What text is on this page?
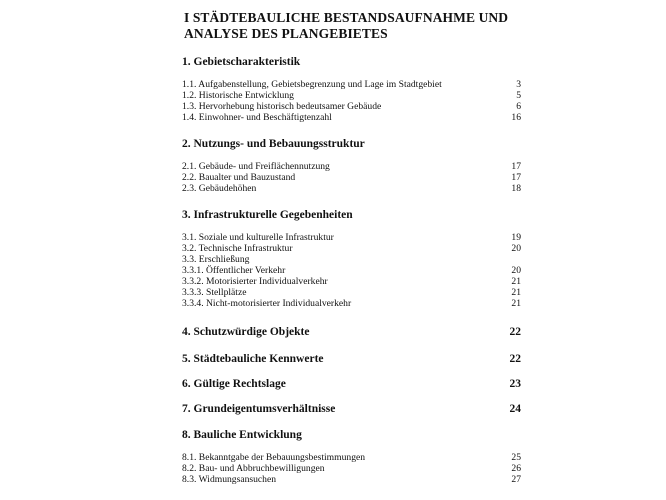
I STÄDTEBAULICHE BESTANDSAUFNAHME UND
ANALYSE DES PLANGEBIETES
1. Gebietscharakteristik
1.1. Aufgabenstellung, Gebietsbegrenzung und Lage im Stadtgebiet	3
1.2. Historische Entwicklung	5
1.3. Hervorhebung historisch bedeutsamer Gebäude	6
1.4. Einwohner- und Beschäftigtenzahl	16
2. Nutzungs- und Bebauungsstruktur
2.1. Gebäude- und Freiflächennutzung	17
2.2. Baualter und Bauzustand	17
2.3. Gebäudehöhen	18
3. Infrastrukturelle Gegebenheiten
3.1. Soziale und kulturelle Infrastruktur	19
3.2. Technische Infrastruktur	20
3.3. Erschließung
3.3.1. Öffentlicher Verkehr	20
3.3.2. Motorisierter Individualverkehr	21
3.3.3. Stellplätze	21
3.3.4. Nicht-motorisierter Individualverkehr	21
4. Schutzwürdige Objekte	22
5. Städtebauliche Kennwerte	22
6. Gültige Rechtslage	23
7. Grundeigentumsverhältnisse	24
8. Bauliche Entwicklung
8.1. Bekanntgabe der Bebauungsbestimmungen	25
8.2. Bau- und Abbruchbewilligungen	26
8.3. Widmungsansuchen	27
